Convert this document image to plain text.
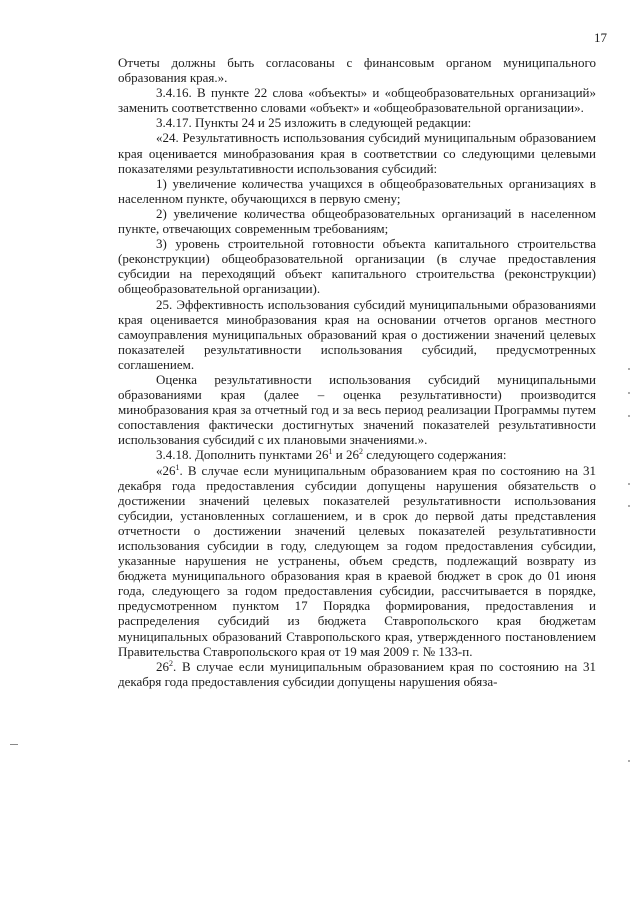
17

Отчеты должны быть согласованы с финансовым органом муниципального образования края.».

3.4.16. В пункте 22 слова «объекты» и «общеобразовательных организаций» заменить соответственно словами «объект» и «общеобразовательной организации».

3.4.17. Пункты 24 и 25 изложить в следующей редакции:

«24. Результативность использования субсидий муниципальным образованием края оценивается минобразования края в соответствии со следующими целевыми показателями результативности использования субсидий:

1) увеличение количества учащихся в общеобразовательных организациях в населенном пункте, обучающихся в первую смену;

2) увеличение количества общеобразовательных организаций в населенном пункте, отвечающих современным требованиям;

3) уровень строительной готовности объекта капитального строительства (реконструкции) общеобразовательной организации (в случае предоставления субсидии на переходящий объект капитального строительства (реконструкции) общеобразовательной организации).

25. Эффективность использования субсидий муниципальными образованиями края оценивается минобразования края на основании отчетов органов местного самоуправления муниципальных образований края о достижении значений целевых показателей результативности использования субсидий, предусмотренных соглашением.

Оценка результативности использования субсидий муниципальными образованиями края (далее – оценка результативности) производится минобразования края за отчетный год и за весь период реализации Программы путем сопоставления фактически достигнутых значений показателей результативности использования субсидий с их плановыми значениями.».

3.4.18. Дополнить пунктами $26^1$ и $26^2$ следующего содержания:

«$26^1$. В случае если муниципальным образованием края по состоянию на 31 декабря года предоставления субсидии допущены нарушения обязательств о достижении значений целевых показателей результативности использования субсидии, установленных соглашением, и в срок до первой даты представления отчетности о достижении значений целевых показателей результативности использования субсидии в году, следующем за годом предоставления субсидии, указанные нарушения не устранены, объем средств, подлежащий возврату из бюджета муниципального образования края в краевой бюджет в срок до 01 июня года, следующего за годом предоставления субсидии, рассчитывается в порядке, предусмотренном пунктом 17 Порядка формирования, предоставления и распределения субсидий из бюджета Ставропольского края бюджетам муниципальных образований Ставропольского края, утвержденного постановлением Правительства Ставропольского края от 19 мая 2009 г. № 133-п.

$26^2$. В случае если муниципальным образованием края по состоянию на 31 декабря года предоставления субсидии допущены нарушения обяза-
